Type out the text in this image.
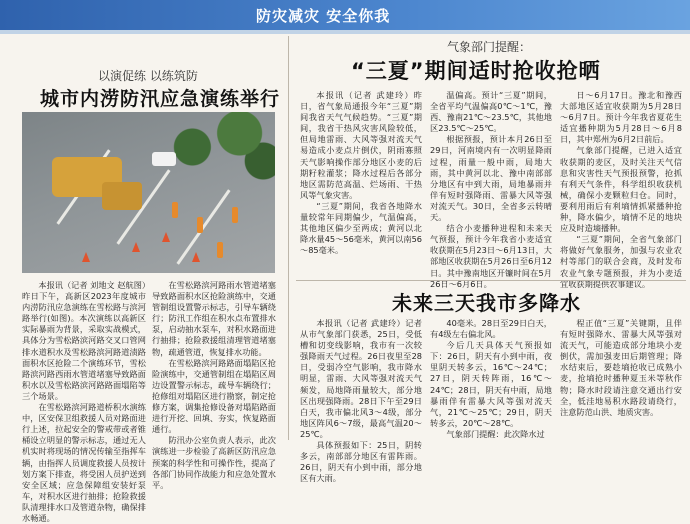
防灾减灾 安全你我
以演促练 以练筑防
城市内涝防汛应急演练举行

本报讯（记者 刘地文 赵航图）昨日下午，高新区2023年度城市内涝防汛应急演练在雪松路与滨河路举行(如图)。本次演练以高新区实际暴雨为背景，采取实战模式，具体分为雪松路滨河路交叉口管网排水道积水及雪松路滨河路道渍路面积水区抢险二个演练环节，雪松路滨河路西雨水管道堵塞导致路面积水以及雪松路滨河路路面塌陷等三个场景。

在雪松路滨河路道桥积水演练中，区安保卫组救援人员对路面进行上述，拉起安全的警戒带或者锥桶设立明显的警示标志，通过无人机实时将现场的情况传输至指挥车辆，由指挥人员调度救援人员按计划方案下排查，将受困人员护送到安全区域；应急保障组安装好泵车，对积水区进行抽排；抢险救援队清理排水口及管道杂物，确保排水畅通。

在雪松路滨河路雨水管道堵塞导致路面积水区抢险演练中，交通管制组设置警示标志，引导车辆绕行；防汛工作组在积水点布置排水泵，启动抽水泵车，对积水路面进行抽排；抢险救援组清理管道堵塞物，疏通管道，恢复排水功能。

在雪松路滨河路路面塌陷区抢险演练中，交通管制组在塌陷区周边设置警示标志，疏导车辆绕行；抢修组对塌陷区进行勘察，制定抢修方案，调集抢修设备对塌陷路面进行开挖、回填、夯实，恢复路面通行。

防汛办公室负责人表示，此次演练进一步检验了高新区防汛应急预案的科学性和可操作性，提高了各部门协同作战能力和应急处置水平。

气象部门提醒：
“三夏”期间适时抢收抢晒

本报讯（记者 武建玲）昨日，省气象局通报今年“三夏”期间我省天气气候趋势。“三夏”期间，我省干热风灾害风险较低，但局地雷雨、大风等强对流天气易造成小麦点片倒伏，阴雨寡照天气影响操作部分地区小麦的后期籽粒灌浆；降水过程后各部分地区需防范高温、烂场雨、干热风等气象灾害。

“三夏”期间，我省各地降水量较常年同期偏少，气温偏高，其他地区偏少至两成；黄河以北降水量45～56毫米，黄河以南56～85毫米。

温偏高。预计“三夏”期间，全省平均气温偏高0℃～1℃，豫西、豫南21℃～23.5℃，其他地区23.5℃～25℃。

根据预报，预计本月26日至29日，河南境内有一次明显降雨过程，雨量一般中雨，局地大雨，其中黄河以北、豫中南部部分地区有中到大雨，局地暴雨并伴有短时强降雨、雷暴大风等强对流天气。30日，全省多云转晴天。

结合小麦播种进程和未来天气预报，预计今年我省小麦适宜收获期在5月23日～6月13日，大部地区收获期在5月26日至6月12日。其中豫南地区开镰时间在5月26日～6月6日。

日～6月17日。豫北和豫西大部地区适宜收获期为5月28日～6月7日。预计今年我省夏花生适宜播种期为5月28日～6月8日，其中郑州为6月2日前后。

气象部门提醒，已进入适宜收获期的麦区，及时关注天气信息和灾害性天气预报预警，抢抓有利天气条件，科学组织收获机械，确保小麦颗粒归仓。同时，要利用雨后有利墒情抓紧播种抢种，降水偏少，墒情不足的地块应及时造墒播种。

“三夏”期间，全省气象部门将做好气象服务，加强与农业农村等部门的联合会商，及时发布农业气象专题预报，并为小麦适宜收获期提供农事建议。

未来三天我市多降水

本报讯（记者 武建玲）记者从市气象部门获悉，25日，受低槽和切变线影响，我市有一次较强降雨天气过程。26日夜里至28日，受弱冷空气影响，我市降水明显，雷雨、大风等强对流天气频发，局地降雨量较大，部分地区出现强降雨。28日下午至29日白天，我市偏北风3～4级，部分地区阵风6～7级，最高气温20～25℃。

具体预报如下：25日，阴转多云，南部部分地区有雷阵雨。26日，阴天有小到中雨，部分地区有大雨。

40毫米。28日至29日白天，有4级左右偏北风。

今后几天具体天气预报如下：26日，阴天有小到中雨，夜里阴天转多云，16℃～24℃；27日，阴天转阵雨，16℃～24℃；28日，阴天有中雨，局地暴雨伴有雷暴大风等强对流天气，21℃～25℃；29日，阴天转多云，20℃～28℃。

气象部门提醒：此次降水过

程正值“三夏”关键期，且伴有短时强降水、雷暴大风等强对流天气，可能造成部分地块小麦倒伏，需加强麦田后期管理；降水结束后，要趁墒抢收已成熟小麦，抢墒抢时播种夏玉米等秋作物；降水时段请注意交通出行安全，低洼地易积水路段请绕行，注意防范山洪、地质灾害。
